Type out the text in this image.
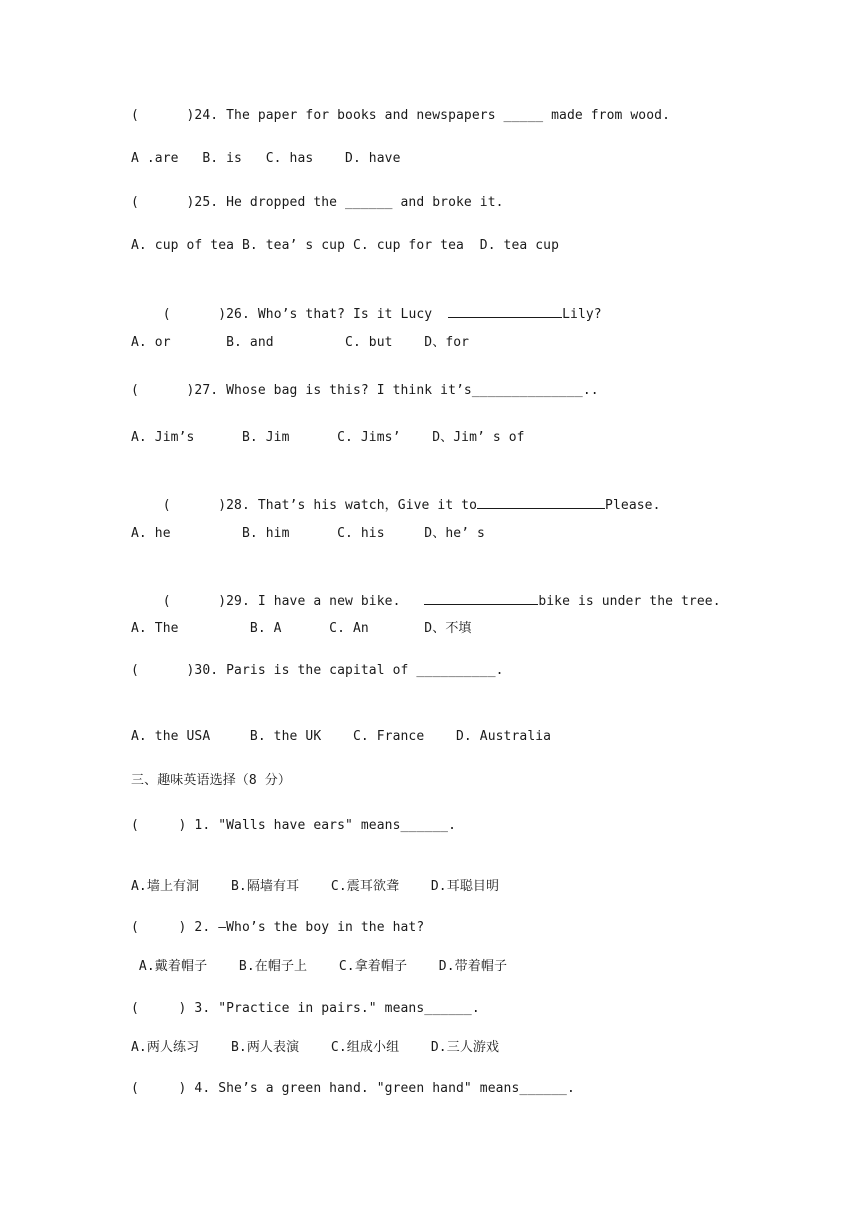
(      )24. The paper for books and newspapers _____ made from wood.
A .are   B. is   C. has    D. have
(      )25. He dropped the ______ and broke it.
A. cup of tea B. tea’ s cup C. cup for tea  D. tea cup

(      )26. Who’s that? Is it Lucy	Lily?

A. or       B. and         C. but    D、for
(      )27. Whose bag is this? I think it’s______________..
A. Jim’s      B. Jim      C. Jims’    D、Jim’ s of

(      )28. That’s his watch，Give it to	Please.

A. he         B. him      C. his     D、he’ s

(      )29. I have a new bike.	bike is under the tree.

A. The         B. A      C. An       D、不填
(      )30. Paris is the capital of __________.
A. the USA     B. the UK    C. France    D. Australia
三、趣味英语选择（8 分）
(     ) 1. "Walls have ears" means______.
A.墙上有洞    B.隔墙有耳    C.震耳欲聋    D.耳聪目明
(     ) 2. —Who’s the boy in the hat?
A.戴着帽子    B.在帽子上    C.拿着帽子    D.带着帽子
(     ) 3. "Practice in pairs." means______.
A.两人练习    B.两人表演    C.组成小组    D.三人游戏
(     ) 4. She’s a green hand. "green hand" means______.
